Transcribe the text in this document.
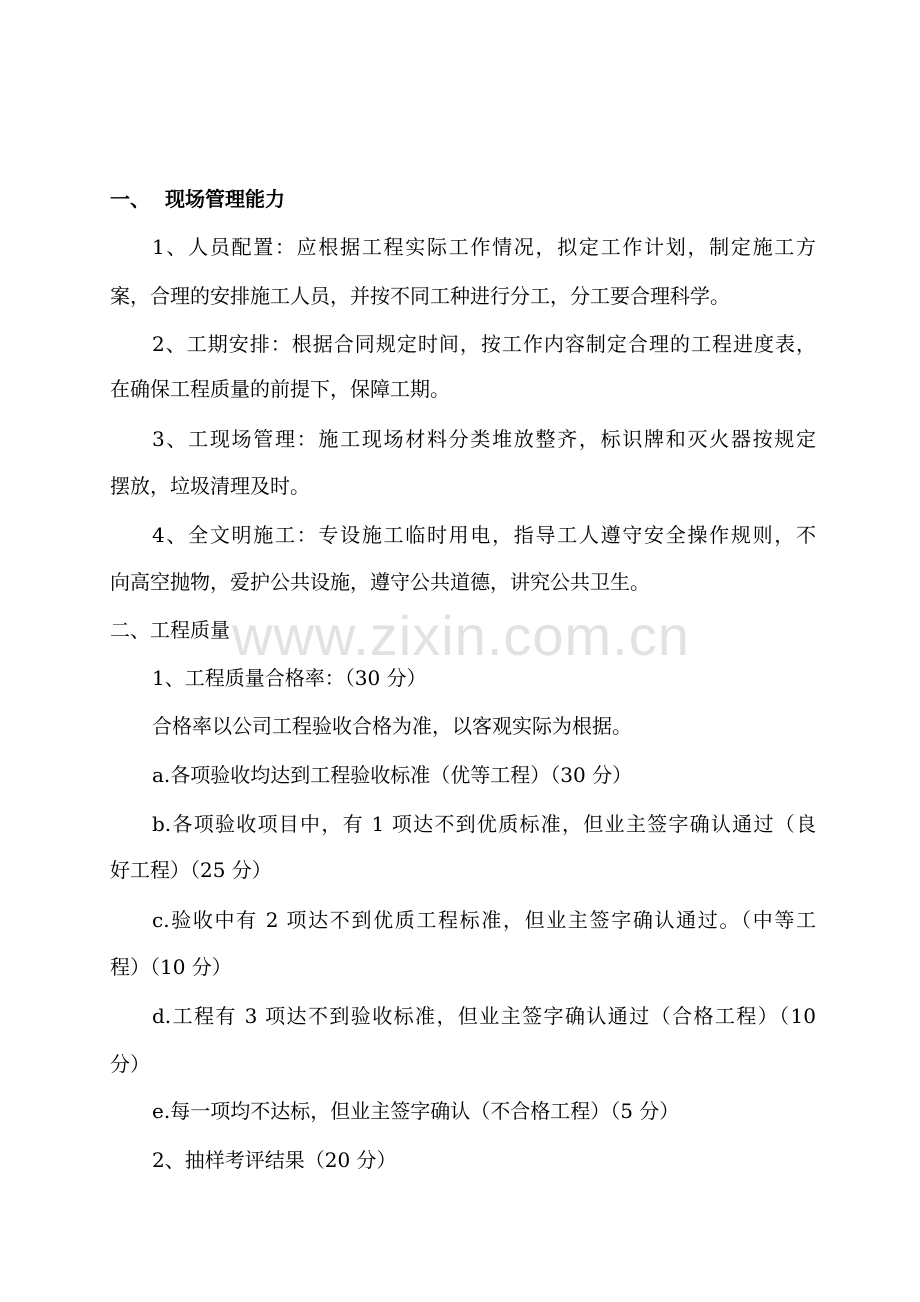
一、 现场管理能力
1、人员配置：应根据工程实际工作情况，拟定工作计划，制定施工方
案，合理的安排施工人员，并按不同工种进行分工，分工要合理科学。
2、工期安排：根据合同规定时间，按工作内容制定合理的工程进度表，
在确保工程质量的前提下，保障工期。
3、工现场管理：施工现场材料分类堆放整齐，标识牌和灭火器按规定
摆放，垃圾清理及时。
4、全文明施工：专设施工临时用电，指导工人遵守安全操作规则，不
向高空抛物，爱护公共设施，遵守公共道德，讲究公共卫生。
二、工程质量
1、工程质量合格率：（30 分）
合格率以公司工程验收合格为准，以客观实际为根据。
a.各项验收均达到工程验收标准（优等工程）（30 分）
b.各项验收项目中，有 1 项达不到优质标准，但业主签字确认通过（良
好工程）（25 分）
c.验收中有 2 项达不到优质工程标准，但业主签字确认通过。（中等工
程）（10 分）
d.工程有 3 项达不到验收标准，但业主签字确认通过（合格工程）（10
分）
e.每一项均不达标，但业主签字确认（不合格工程）（5 分）
2、抽样考评结果（20 分）
www.zixin.com.cn
